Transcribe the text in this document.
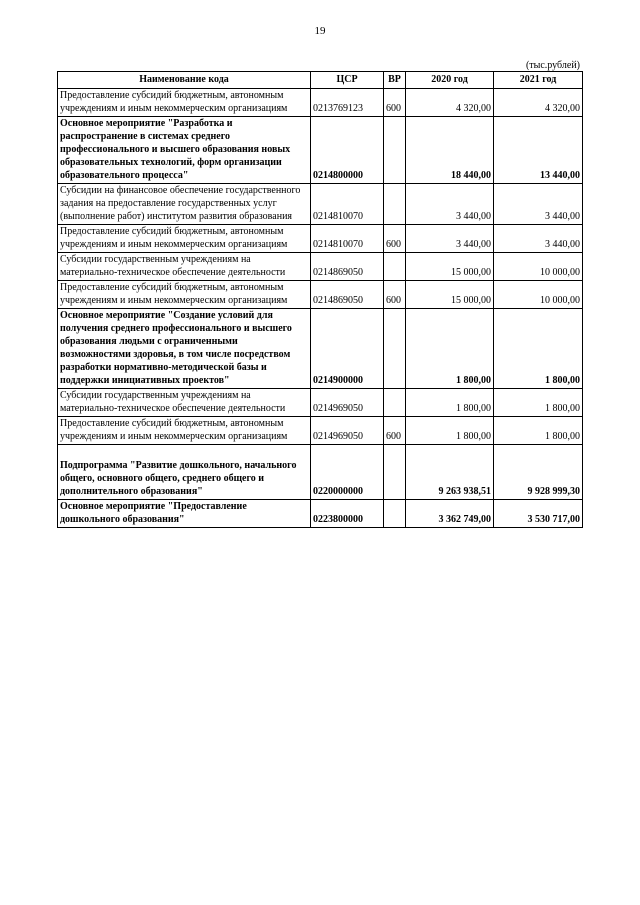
19
(тыс.рублей)
Наименование кода	ЦСР	ВР	2020 год	2021 год
Предоставление субсидий бюджетным, автономным учреждениям и иным некоммерческим организациям	0213769123	600	4 320,00	4 320,00
Основное мероприятие "Разработка и распространение в системах среднего профессионального и высшего образования новых образовательных технологий, форм организации образовательного процесса"	0214800000		18 440,00	13 440,00
Субсидии на финансовое обеспечение государственного задания на предоставление государственных услуг (выполнение работ) институтом развития образования	0214810070		3 440,00	3 440,00
Предоставление субсидий бюджетным, автономным учреждениям и иным некоммерческим организациям	0214810070	600	3 440,00	3 440,00
Субсидии государственным учреждениям на материально-техническое обеспечение деятельности	0214869050		15 000,00	10 000,00
Предоставление субсидий бюджетным, автономным учреждениям и иным некоммерческим организациям	0214869050	600	15 000,00	10 000,00
Основное мероприятие "Создание условий для получения среднего профессионального и высшего образования людьми с ограниченными возможностями здоровья, в том числе посредством разработки нормативно-методической базы и поддержки инициативных проектов"	0214900000		1 800,00	1 800,00
Субсидии государственным учреждениям на материально-техническое обеспечение деятельности	0214969050		1 800,00	1 800,00
Предоставление субсидий бюджетным, автономным учреждениям и иным некоммерческим организациям	0214969050	600	1 800,00	1 800,00
Подпрограмма "Развитие дошкольного, начального общего, основного общего, среднего общего и дополнительного образования"	0220000000		9 263 938,51	9 928 999,30
Основное мероприятие "Предоставление дошкольного образования"	0223800000		3 362 749,00	3 530 717,00
